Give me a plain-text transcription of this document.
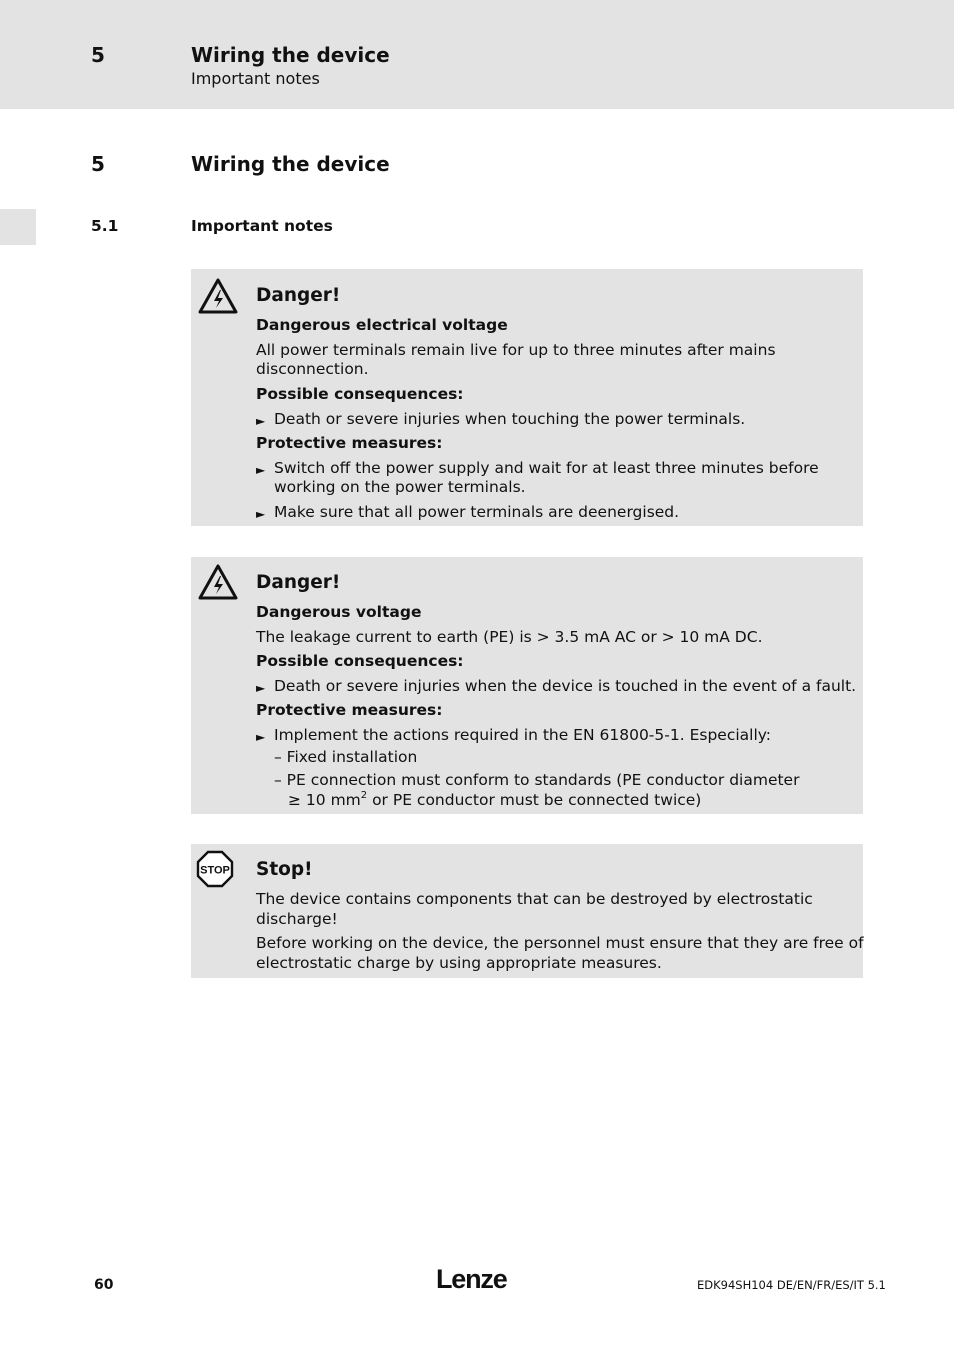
5	Wiring the device
Important notes
5	Wiring the device
5.1	Important notes
Danger!
Dangerous electrical voltage
All power terminals remain live for up to three minutes after mains
disconnection.
Possible consequences:
► Death or severe injuries when touching the power terminals.
Protective measures:
► Switch off the power supply and wait for at least three minutes before
working on the power terminals.
► Make sure that all power terminals are deenergised.
Danger!
Dangerous voltage
The leakage current to earth (PE) is > 3.5 mA AC or > 10 mA DC.
Possible consequences:
► Death or severe injuries when the device is touched in the event of a fault.
Protective measures:
► Implement the actions required in the EN 61800-5-1. Especially:
– Fixed installation
– PE connection must conform to standards (PE conductor diameter
≥ 10 $mm^2$ or PE conductor must be connected twice)
STOP Stop!
The device contains components that can be destroyed by electrostatic
discharge!
Before working on the device, the personnel must ensure that they are free of
electrostatic charge by using appropriate measures.
60	Lenze	EDK94SH104 DE/EN/FR/ES/IT 5.1
